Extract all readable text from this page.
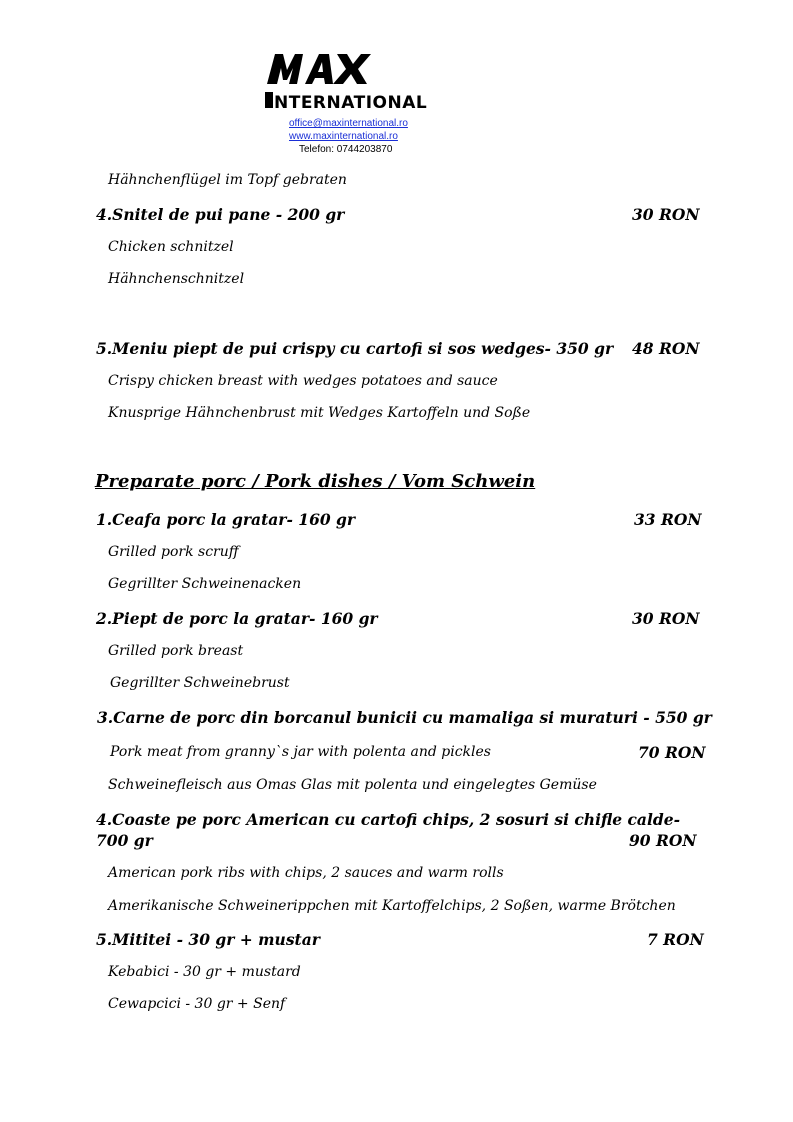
NTERNATIONAL
office@maxinternational.ro
www.maxinternational.ro
Telefon: 0744203870
Hähnchenflügel im Topf gebraten
4.Snitel de pui pane - 200 gr	30 RON
Chicken schnitzel
Hähnchenschnitzel
5.Meniu piept de pui crispy cu cartofi si sos wedges- 350 gr 48 RON
Crispy chicken breast with wedges potatoes and sauce
Knusprige Hähnchenbrust mit Wedges Kartoffeln und Soße
Preparate porc / Pork dishes / Vom Schwein
1.Ceafa porc la gratar- 160 gr	33 RON
Grilled pork scruff
Gegrillter Schweinenacken
2.Piept de porc la gratar- 160 gr	30 RON
Grilled pork breast
Gegrillter Schweinebrust
3.Carne de porc din borcanul bunicii cu mamaliga si muraturi - 550 gr
Pork meat from granny`s jar with polenta and pickles	70 RON
Schweinefleisch aus Omas Glas mit polenta und eingelegtes Gemüse
4.Coaste pe porc American cu cartofi chips, 2 sosuri si chifle calde-
700 gr	90 RON
American pork ribs with chips, 2 sauces and warm rolls
Amerikanische Schweinerippchen mit Kartoffelchips, 2 Soßen, warme Brötchen
5.Mititei - 30 gr + mustar	7 RON
Kebabici - 30 gr + mustard
Cewapcici - 30 gr + Senf
